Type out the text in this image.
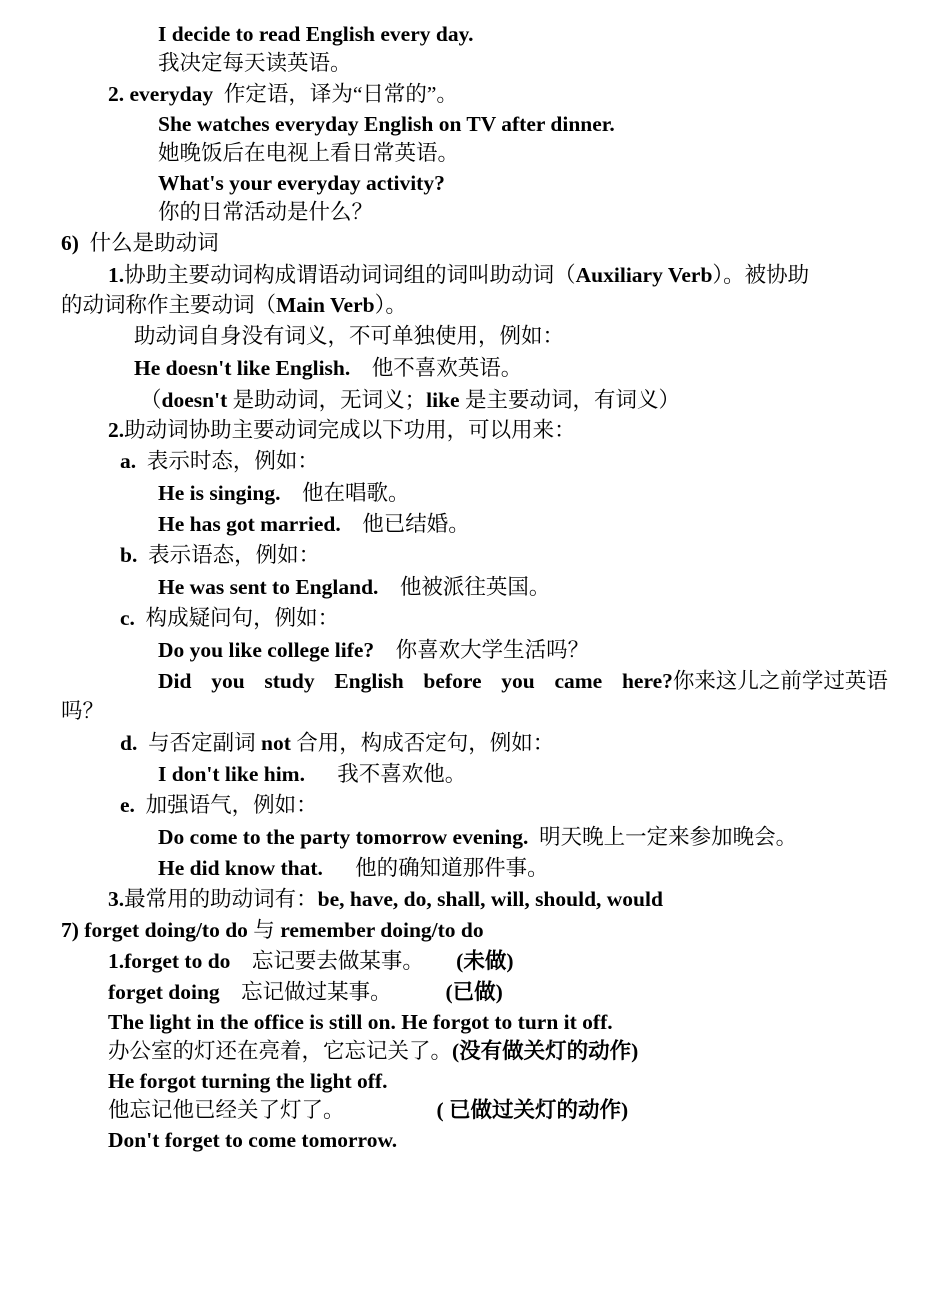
I decide to read English every day.
我决定每天读英语。
2. everyday 作定语，译为“日常的”。
She watches everyday English on TV after dinner.
她晚饭后在电视上看日常英语。
What's your everyday activity?
你的日常活动是什么？
6) 什么是助动词
1.协助主要动词构成谓语动词词组的词叫助动词（Auxiliary Verb）。被协助
的动词称作主要动词（Main Verb）。
助动词自身没有词义，不可单独使用，例如：
He doesn't like English. 他不喜欢英语。
（doesn't 是助动词，无词义；like 是主要动词，有词义）
2.助动词协助主要动词完成以下功用，可以用来：
a. 表示时态，例如：
He is singing. 他在唱歌。
He has got married. 他已结婚。
b. 表示语态，例如：
He was sent to England. 他被派往英国。
c. 构成疑问句，例如：
Do you like college life? 你喜欢大学生活吗？
Did you study English before you came here?你来这儿之前学过英语
吗？
d. 与否定副词 not 合用，构成否定句，例如：
I don't like him. 我不喜欢他。
e. 加强语气，例如：
Do come to the party tomorrow evening. 明天晚上一定来参加晚会。
He did know that. 他的确知道那件事。
3.最常用的助动词有：be, have, do, shall, will, should, would
7) forget doing/to do 与 remember doing/to do
1.forget to do 忘记要去做某事。 (未做)
forget doing 忘记做过某事。	(已做)
The light in the office is still on. He forgot to turn it off.
办公室的灯还在亮着，它忘记关了。(没有做关灯的动作)
He forgot turning the light off.
他忘记他已经关了灯了。	( 已做过关灯的动作)
Don't forget to come tomorrow.
